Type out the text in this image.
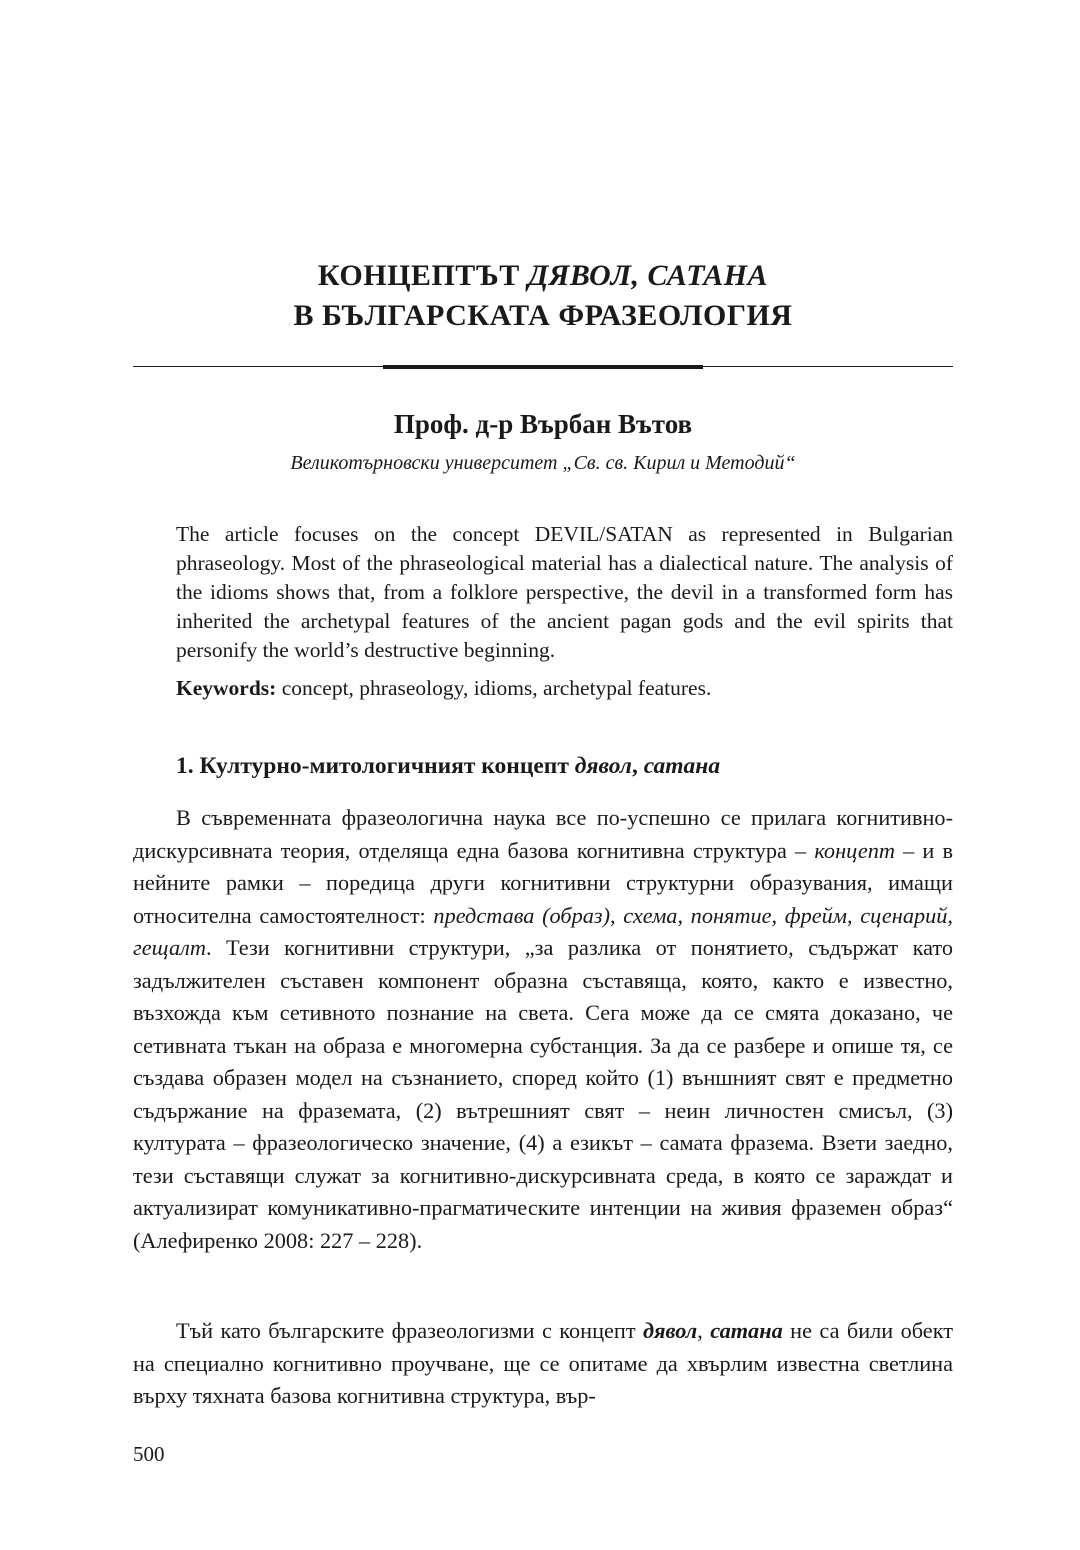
КОНЦЕПТЪТ ДЯВОЛ, САТАНА
В БЪЛГАРСКАТА ФРАЗЕОЛОГИЯ
Проф. д-р Върбан Вътов
Великотърновски университет „Св. св. Кирил и Методий“

The article focuses on the concept DEVIL/SATAN as represented in Bulgarian phraseology. Most of the phraseological material has a dialectical nature. The analysis of the idioms shows that, from a folklore perspective, the devil in a transformed form has inherited the archetypal features of the ancient pagan gods and the evil spirits that personify the world’s destructive beginning.

Keywords: concept, phraseology, idioms, archetypal features.

1. Културно-митологичният концепт дявол, сатана

В съвременната фразеологична наука все по-успешно се прилага когнитивно-дискурсивната теория, отделяща една базова когнитивна структура – концепт – и в нейните рамки – поредица други когнитивни структурни образувания, имащи относителна самостоятелност: представа (образ), схема, понятие, фрейм, сценарий, гещалт. Тези когнитивни структури, „за разлика от понятието, съдържат като задължителен съставен компонент образна съставяща, която, както е известно, възхожда към сетивното познание на света. Сега може да се смята доказано, че сетивната тъкан на образа е многомерна субстанция. За да се разбере и опише тя, се създава образен модел на съзнанието, според който (1) външният свят е предметно съдържание на фраземата, (2) вътрешният свят – неин личностен смисъл, (3) културата – фразеологическо значение, (4) а езикът – самата фразема. Взети заедно, тези съставящи служат за когнитивно-дискурсивната среда, в която се зараждат и актуализират комуникативно-прагматическите интенции на живия фраземен образ“ (Алефиренко 2008: 227 – 228).

Тъй като българските фразеологизми с концепт дявол, сатана не са били обект на специално когнитивно проучване, ще се опитаме да хвърлим известна светлина върху тяхната базова когнитивна структура, вър-

500
